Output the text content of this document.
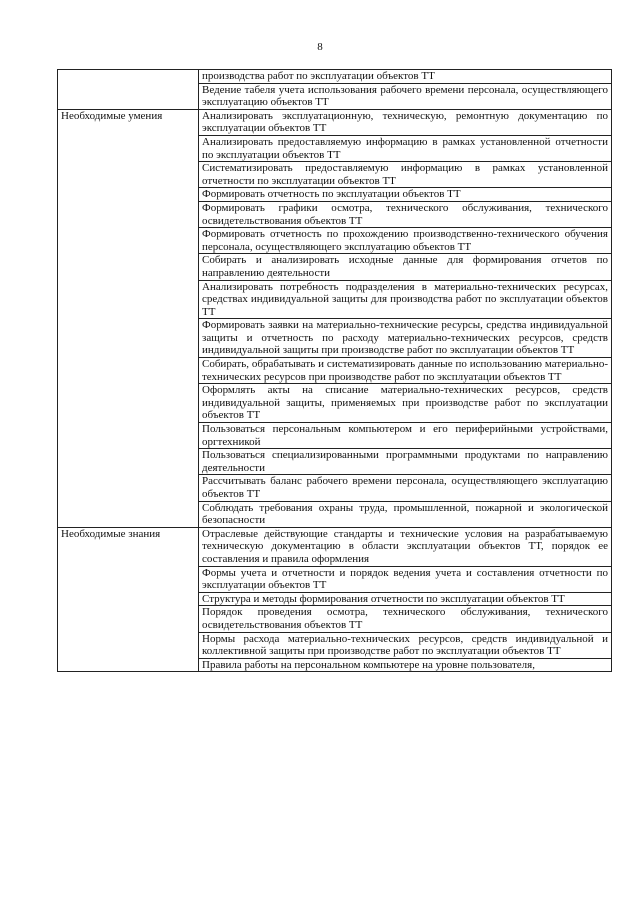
8
	производства работ по эксплуатации объектов ТТ
	Ведение табеля учета использования рабочего времени персонала, осуществляющего эксплуатацию объектов ТТ
Необходимые умения	Анализировать эксплуатационную, техническую, ремонтную документацию по эксплуатации объектов ТТ
	Анализировать предоставляемую информацию в рамках установленной отчетности по эксплуатации объектов ТТ
	Систематизировать предоставляемую информацию в рамках установленной отчетности по эксплуатации объектов ТТ
	Формировать отчетность по эксплуатации объектов ТТ
	Формировать графики осмотра, технического обслуживания, технического освидетельствования объектов ТТ
	Формировать отчетность по прохождению производственно-технического обучения персонала, осуществляющего эксплуатацию объектов ТТ
	Собирать и анализировать исходные данные для формирования отчетов по направлению деятельности
	Анализировать потребность подразделения в материально-технических ресурсах, средствах индивидуальной защиты для производства работ по эксплуатации объектов ТТ
	Формировать заявки на материально-технические ресурсы, средства индивидуальной защиты и отчетность по расходу материально-технических ресурсов, средств индивидуальной защиты при производстве работ по эксплуатации объектов ТТ
	Собирать, обрабатывать и систематизировать данные по использованию материально-технических ресурсов при производстве работ по эксплуатации объектов ТТ
	Оформлять акты на списание материально-технических ресурсов, средств индивидуальной защиты, применяемых при производстве работ по эксплуатации объектов ТТ
	Пользоваться персональным компьютером и его периферийными устройствами, оргтехникой
	Пользоваться специализированными программными продуктами по направлению деятельности
	Рассчитывать баланс рабочего времени персонала, осуществляющего эксплуатацию объектов ТТ
	Соблюдать требования охраны труда, промышленной, пожарной и экологической безопасности
Необходимые знания	Отраслевые действующие стандарты и технические условия на разрабатываемую техническую документацию в области эксплуатации объектов ТТ, порядок ее составления и правила оформления
	Формы учета и отчетности и порядок ведения учета и составления отчетности по эксплуатации объектов ТТ
	Структура и методы формирования отчетности по эксплуатации объектов ТТ
	Порядок проведения осмотра, технического обслуживания, технического освидетельствования объектов ТТ
	Нормы расхода материально-технических ресурсов, средств индивидуальной и коллективной защиты при производстве работ по эксплуатации объектов ТТ
	Правила работы на персональном компьютере на уровне пользователя,
